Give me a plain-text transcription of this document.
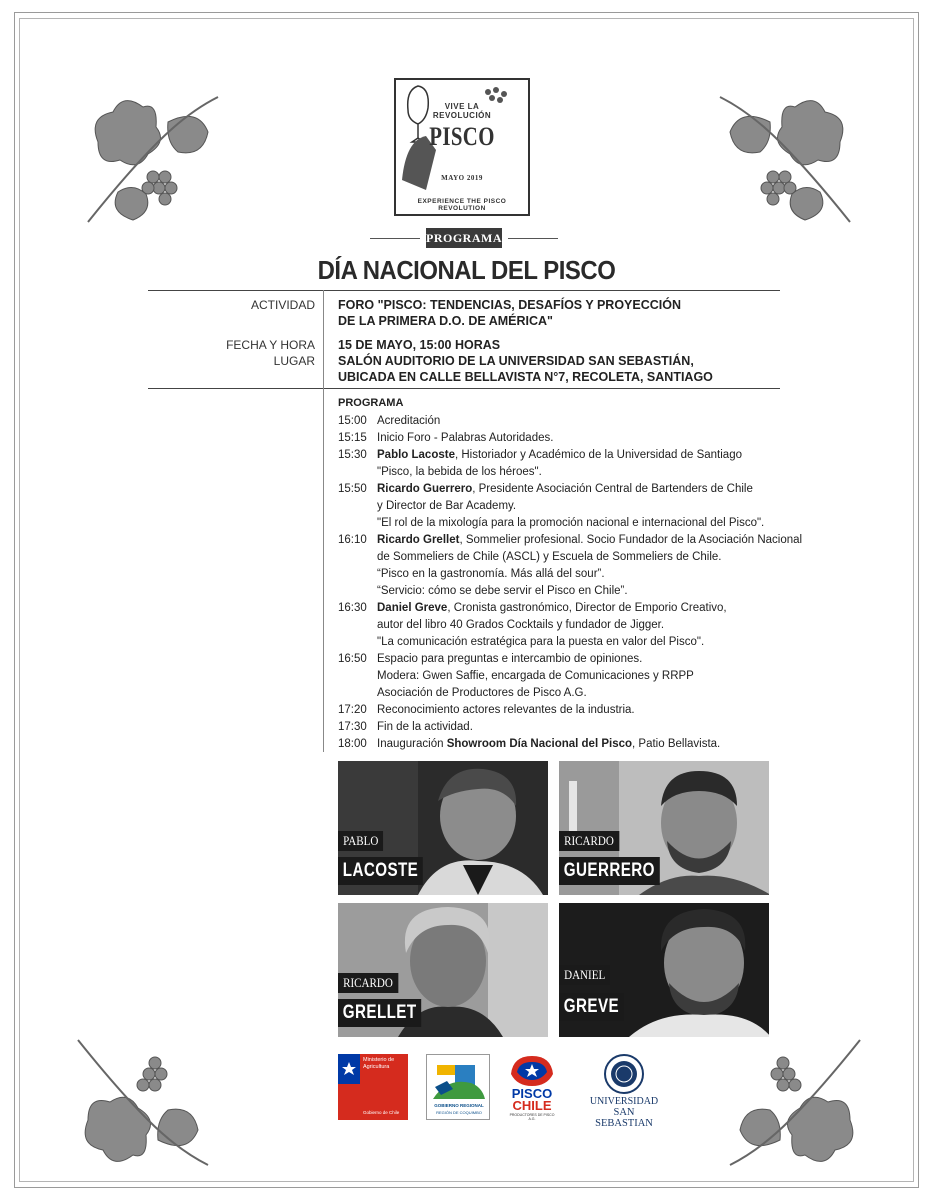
VIVE LA
REVOLUCIÓN
PISCO
MAYO 2019
EXPERIENCE THE PISCO REVOLUTION
PROGRAMA
DÍA NACIONAL DEL PISCO
ACTIVIDAD FORO "PISCO: TENDENCIAS, DESAFÍOS Y PROYECCIÓN
DE LA PRIMERA D.O. DE AMÉRICA"
FECHA Y HORA 15 DE MAYO, 15:00 HORAS
LUGAR SALÓN AUDITORIO DE LA UNIVERSIDAD SAN SEBASTIÁN,
UBICADA EN CALLE BELLAVISTA N°7, RECOLETA, SANTIAGO
PROGRAMA
15:00 Acreditación
15:15 Inicio Foro - Palabras Autoridades.
15:30 Pablo Lacoste, Historiador y Académico de la Universidad de Santiago
"Pisco, la bebida de los héroes".
15:50 Ricardo Guerrero, Presidente Asociación Central de Bartenders de Chile
y Director de Bar Academy.
"El rol de la mixología para la promoción nacional e internacional del Pisco".
16:10 Ricardo Grellet, Sommelier profesional. Socio Fundador de la Asociación Nacional
de Sommeliers de Chile (ASCL) y Escuela de Sommeliers de Chile.
“Pisco en la gastronomía. Más allá del sour”.
“Servicio: cómo se debe servir el Pisco en Chile”.
16:30 Daniel Greve, Cronista gastronómico, Director de Emporio Creativo,
autor del libro 40 Grados Cocktails y fundador de Jigger.
"La comunicación estratégica para la puesta en valor del Pisco".
16:50 Espacio para preguntas e intercambio de opiniones.
Modera: Gwen Saffie, encargada de Comunicaciones y RRPP
Asociación de Productores de Pisco A.G.
17:20 Reconocimiento actores relevantes de la industria.
17:30 Fin de la actividad.
18:00 Inauguración Showroom Día Nacional del Pisco, Patio Bellavista.
PABLO
LACOSTE
RICARDO
GUERRERO
RICARDO
GRELLET
DANIEL
GREVE
Ministerio de
Agricultura
Gobierno de Chile
GOBIERNO REGIONAL
REGIÓN DE COQUIMBO
PISCO
CHILE
PRODUCTORES DE PISCO A.G.
UNIVERSIDAD
SAN SEBASTIAN
